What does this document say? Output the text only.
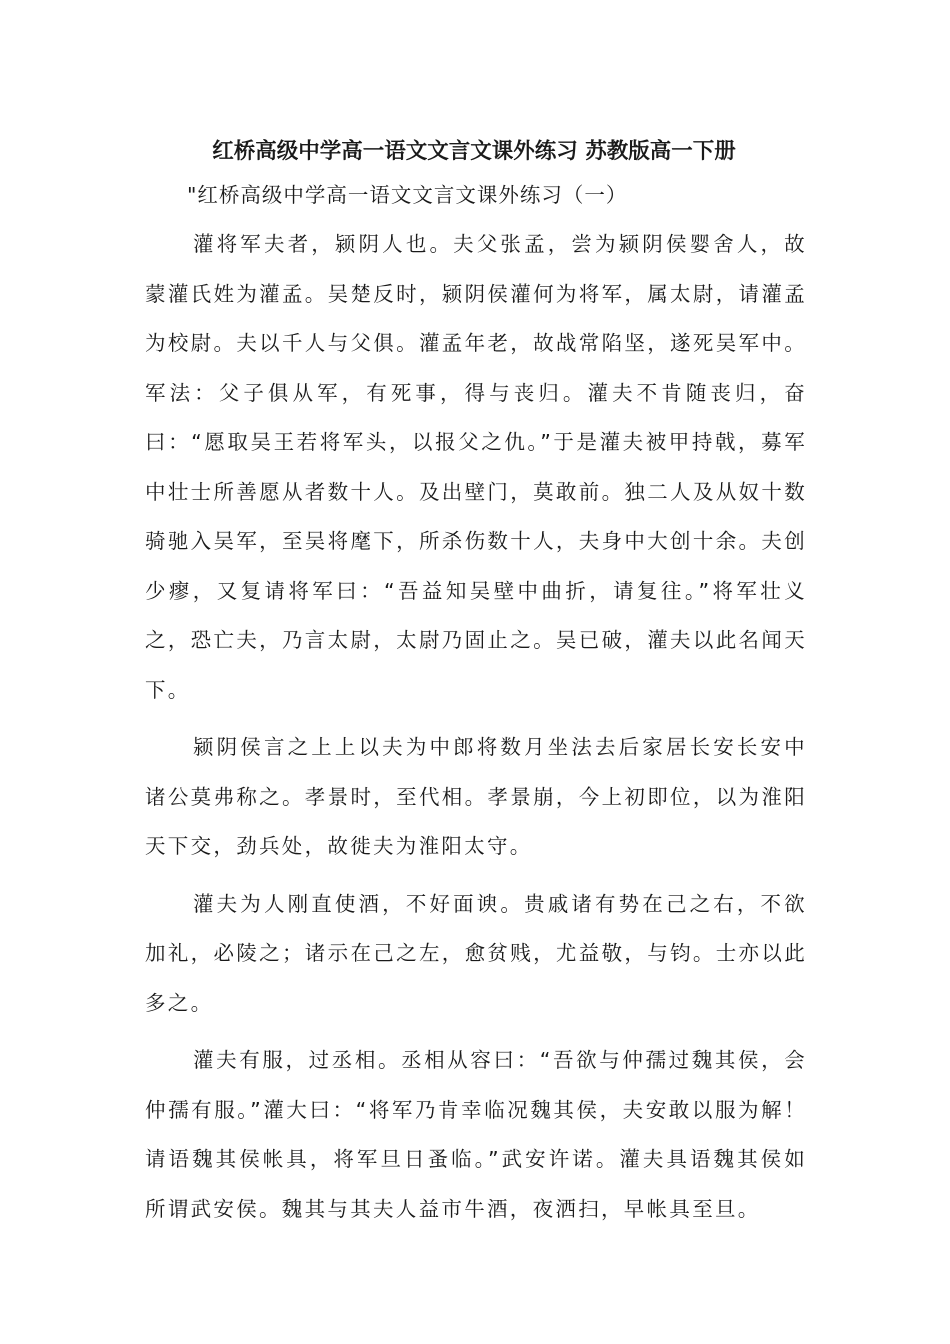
红桥高级中学高一语文文言文课外练习 苏教版高一下册
"红桥高级中学高一语文文言文课外练习（一）

灌将军夫者，颍阴人也。夫父张孟，尝为颍阴侯婴舍人，故蒙灌氏姓为灌孟。吴楚反时，颍阴侯灌何为将军，属太尉，请灌孟为校尉。夫以千人与父俱。灌孟年老，故战常陷坚，遂死吴军中。军法：父子俱从军，有死事，得与丧归。灌夫不肯随丧归，奋曰：“愿取吴王若将军头，以报父之仇。”于是灌夫被甲持戟，募军中壮士所善愿从者数十人。及出壁门，莫敢前。独二人及从奴十数骑驰入吴军，至吴将麾下，所杀伤数十人，夫身中大创十余。夫创少瘳，又复请将军曰：“吾益知吴壁中曲折，请复往。”将军壮义之，恐亡夫，乃言太尉，太尉乃固止之。吴已破，灌夫以此名闻天下。

颍阴侯言之上上以夫为中郎将数月坐法去后家居长安长安中诸公莫弗称之。孝景时，至代相。孝景崩，今上初即位，以为淮阳天下交，劲兵处，故徙夫为淮阳太守。

灌夫为人刚直使酒，不好面谀。贵戚诸有势在己之右，不欲加礼，必陵之；诸示在己之左，愈贫贱，尤益敬，与钧。士亦以此多之。

灌夫有服，过丞相。丞相从容曰：“吾欲与仲孺过魏其侯，会仲孺有服。”灌大曰：“将军乃肯幸临况魏其侯，夫安敢以服为解！请语魏其侯帐具，将军旦日蚤临。”武安许诺。灌夫具语魏其侯如所谓武安侯。魏其与其夫人益市牛酒，夜洒扫，早帐具至旦。
